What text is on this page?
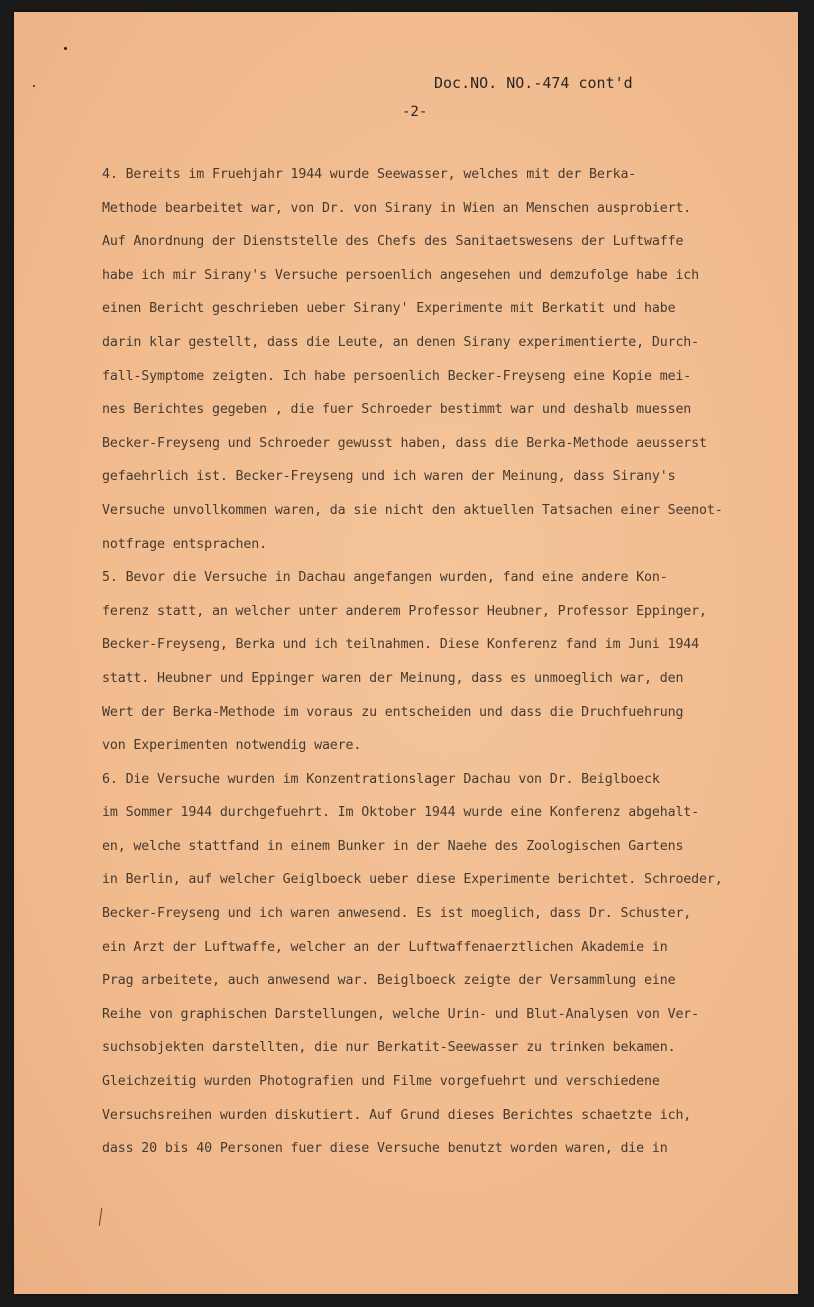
Doc.NO. NO.-474 cont'd
-2-
4. Bereits im Fruehjahr 1944 wurde Seewasser, welches mit der Berka-
Methode bearbeitet war, von Dr. von Sirany in Wien an Menschen ausprobiert.
Auf Anordnung der Dienststelle des Chefs des Sanitaetswesens der Luftwaffe
habe ich mir Sirany's Versuche persoenlich angesehen und demzufolge habe ich
einen Bericht geschrieben ueber Sirany' Experimente mit Berkatit und habe
darin klar gestellt, dass die Leute, an denen Sirany experimentierte, Durch-
fall-Symptome zeigten. Ich habe persoenlich Becker-Freyseng eine Kopie mei-
nes Berichtes gegeben , die fuer Schroeder bestimmt war und deshalb muessen
Becker-Freyseng und Schroeder gewusst haben, dass die Berka-Methode aeusserst
gefaehrlich ist. Becker-Freyseng und ich waren der Meinung, dass Sirany's
Versuche unvollkommen waren, da sie nicht den aktuellen Tatsachen einer Seenot-
notfrage entsprachen.
5. Bevor die Versuche in Dachau angefangen wurden, fand eine andere Kon-
ferenz statt, an welcher unter anderem Professor Heubner, Professor Eppinger,
Becker-Freyseng, Berka und ich teilnahmen. Diese Konferenz fand im Juni 1944
statt. Heubner und Eppinger waren der Meinung, dass es unmoeglich war, den
Wert der Berka-Methode im voraus zu entscheiden und dass die Druchfuehrung
von Experimenten notwendig waere.
6. Die Versuche wurden im Konzentrationslager Dachau von Dr. Beiglboeck
im Sommer 1944 durchgefuehrt. Im Oktober 1944 wurde eine Konferenz abgehalt-
en, welche stattfand in einem Bunker in der Naehe des Zoologischen Gartens
in Berlin, auf welcher Geiglboeck ueber diese Experimente berichtet. Schroeder,
Becker-Freyseng und ich waren anwesend. Es ist moeglich, dass Dr. Schuster,
ein Arzt der Luftwaffe, welcher an der Luftwaffenaerztlichen Akademie in
Prag arbeitete, auch anwesend war. Beiglboeck zeigte der Versammlung eine
Reihe von graphischen Darstellungen, welche Urin- und Blut-Analysen von Ver-
suchsobjekten darstellten, die nur Berkatit-Seewasser zu trinken bekamen.
Gleichzeitig wurden Photografien und Filme vorgefuehrt und verschiedene
Versuchsreihen wurden diskutiert. Auf Grund dieses Berichtes schaetzte ich,
dass 20 bis 40 Personen fuer diese Versuche benutzt worden waren, die in
